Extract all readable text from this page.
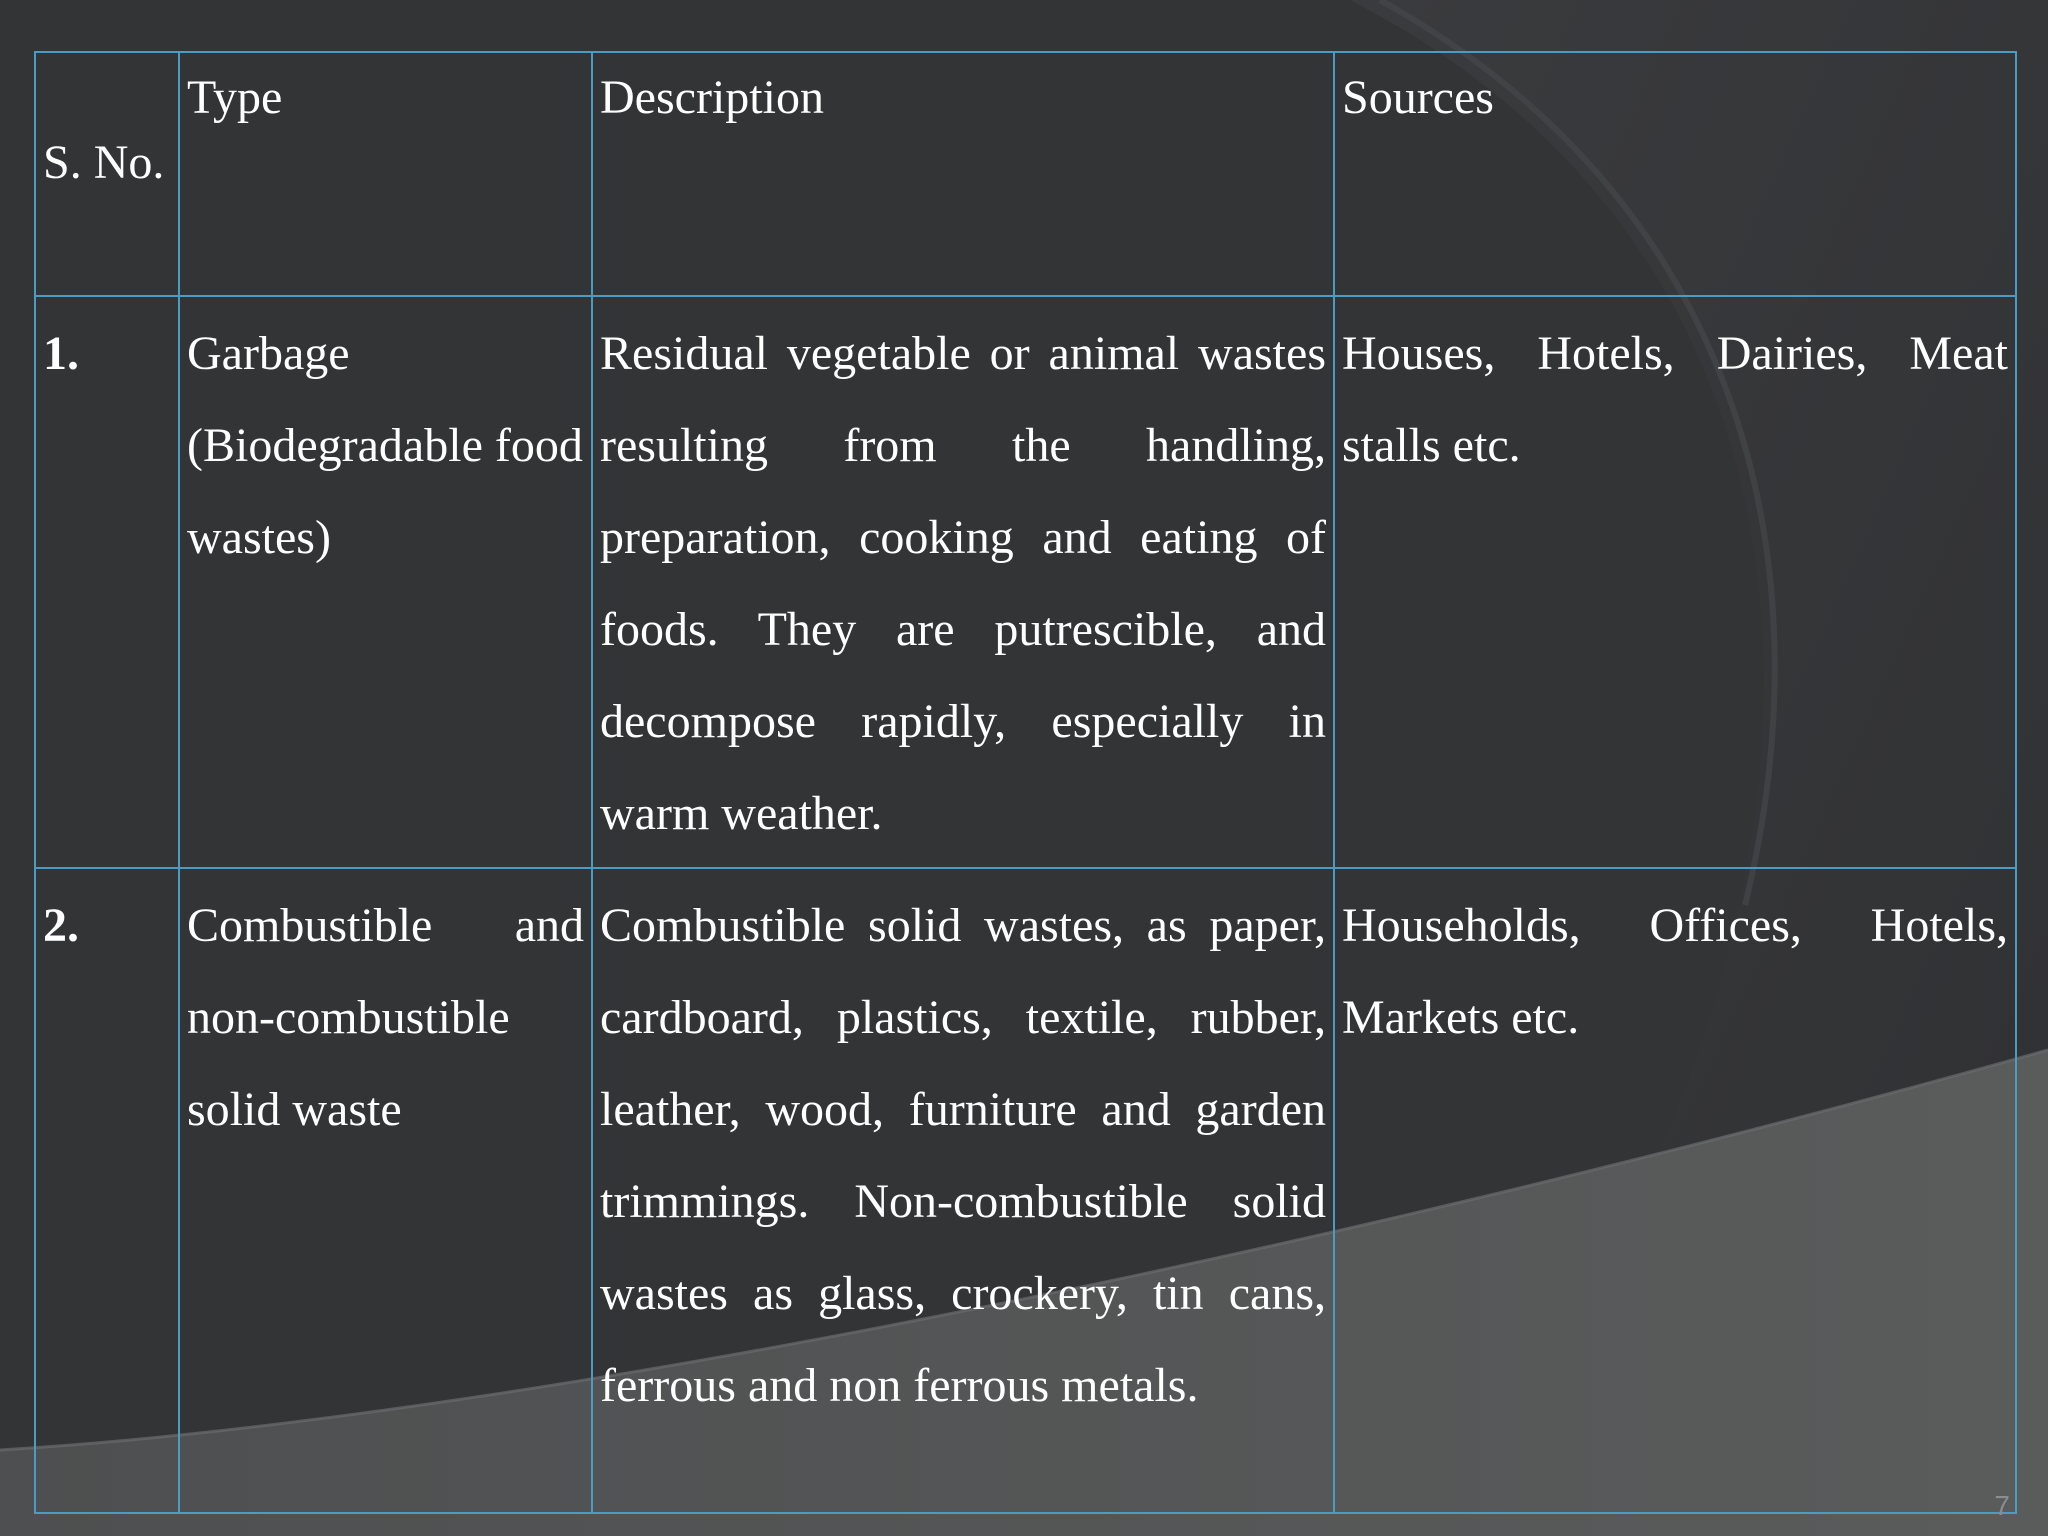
S. No.	Type	Description	Sources
1.	Garbage (Biodegradable food wastes)	Residual vegetable or animal wastes resulting from the handling, preparation, cooking and eating of foods. They are putrescible, and decompose rapidly, especially in warm weather.	Houses, Hotels, Dairies, Meat stalls etc.
2.	Combustible and non-combustible solid waste	Combustible solid wastes, as paper, cardboard, plastics, textile, rubber, leather, wood, furniture and garden trimmings. Non-combustible solid wastes as glass, crockery, tin cans, ferrous and non ferrous metals.	Households, Offices, Hotels, Markets etc.
7
